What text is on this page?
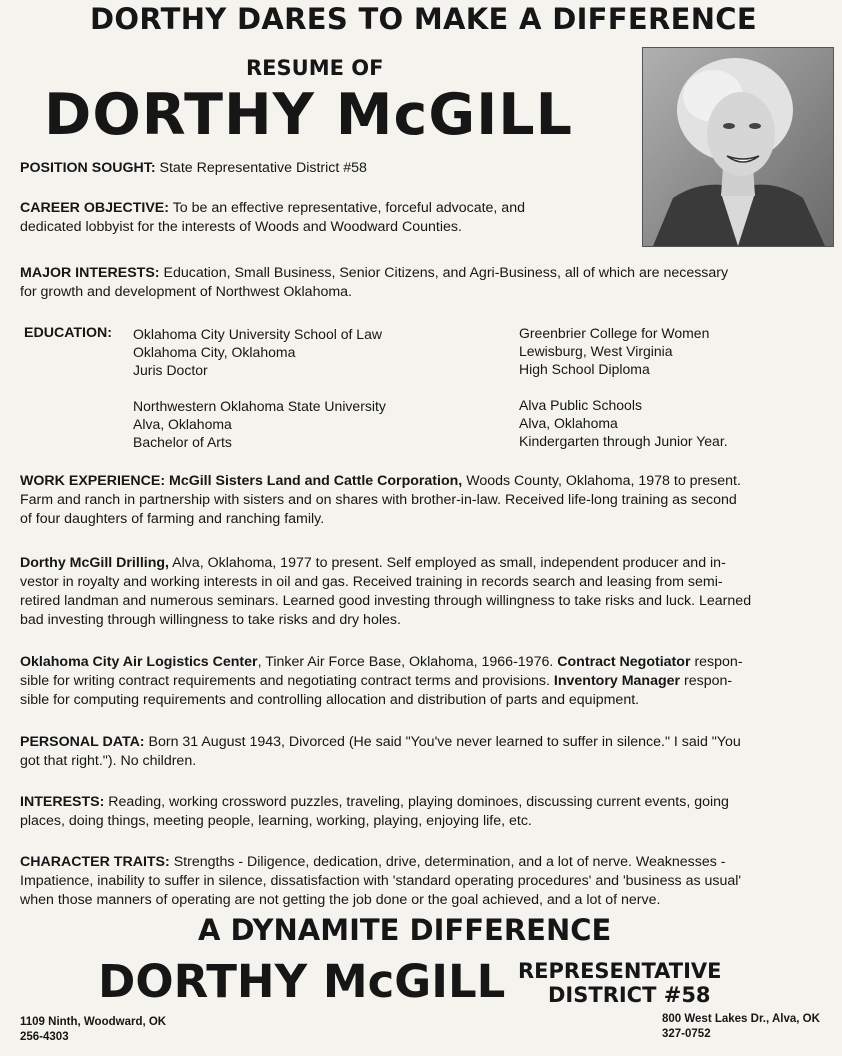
DORTHY DARES TO MAKE A DIFFERENCE
RESUME OF
DORTHY McGILL
POSITION SOUGHT: State Representative District #58
CAREER OBJECTIVE: To be an effective representative, forceful advocate, and
dedicated lobbyist for the interests of Woods and Woodward Counties.
MAJOR INTERESTS: Education, Small Business, Senior Citizens, and Agri-Business, all of which are necessary
for growth and development of Northwest Oklahoma.
EDUCATION: Oklahoma City University School of Law
Oklahoma City, Oklahoma
Juris Doctor
Northwestern Oklahoma State University
Alva, Oklahoma
Bachelor of Arts
Greenbrier College for Women
Lewisburg, West Virginia
High School Diploma
Alva Public Schools
Alva, Oklahoma
Kindergarten through Junior Year.
WORK EXPERIENCE: McGill Sisters Land and Cattle Corporation, Woods County, Oklahoma, 1978 to present.
Farm and ranch in partnership with sisters and on shares with brother-in-law. Received life-long training as second
of four daughters of farming and ranching family.
Dorthy McGill Drilling, Alva, Oklahoma, 1977 to present. Self employed as small, independent producer and in-
vestor in royalty and working interests in oil and gas. Received training in records search and leasing from semi-
retired landman and numerous seminars. Learned good investing through willingness to take risks and luck. Learned
bad investing through willingness to take risks and dry holes.
Oklahoma City Air Logistics Center, Tinker Air Force Base, Oklahoma, 1966-1976. Contract Negotiator respon-
sible for writing contract requirements and negotiating contract terms and provisions. Inventory Manager respon-
sible for computing requirements and controlling allocation and distribution of parts and equipment.
PERSONAL DATA: Born 31 August 1943, Divorced (He said "You've never learned to suffer in silence." I said "You
got that right."). No children.
INTERESTS: Reading, working crossword puzzles, traveling, playing dominoes, discussing current events, going
places, doing things, meeting people, learning, working, playing, enjoying life, etc.
CHARACTER TRAITS: Strengths - Diligence, dedication, drive, determination, and a lot of nerve. Weaknesses -
Impatience, inability to suffer in silence, dissatisfaction with 'standard operating procedures' and 'business as usual'
when those manners of operating are not getting the job done or the goal achieved, and a lot of nerve.
A DYNAMITE DIFFERENCE
DORTHY McGILL REPRESENTATIVE
DISTRICT #58
1109 Ninth, Woodward, OK
256-4303
800 West Lakes Dr., Alva, OK
327-0752
